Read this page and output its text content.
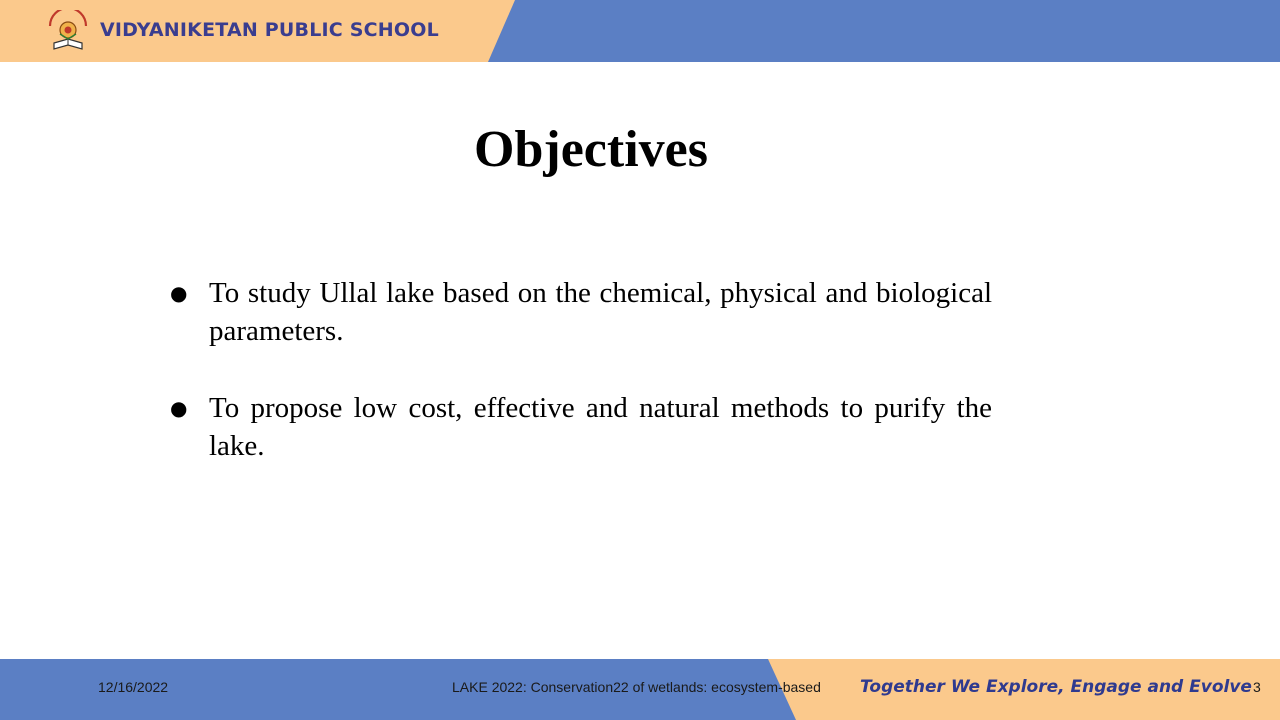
VIDYANIKETAN PUBLIC SCHOOL
Objectives
● To study Ullal lake based on the chemical, physical and biological parameters.
● To propose low cost, effective and natural methods to purify the lake.
12/16/2022	LAKE 2022: Conservation22 of wetlands: ecosystem-based Together We Explore, Engage and Evolve 3
